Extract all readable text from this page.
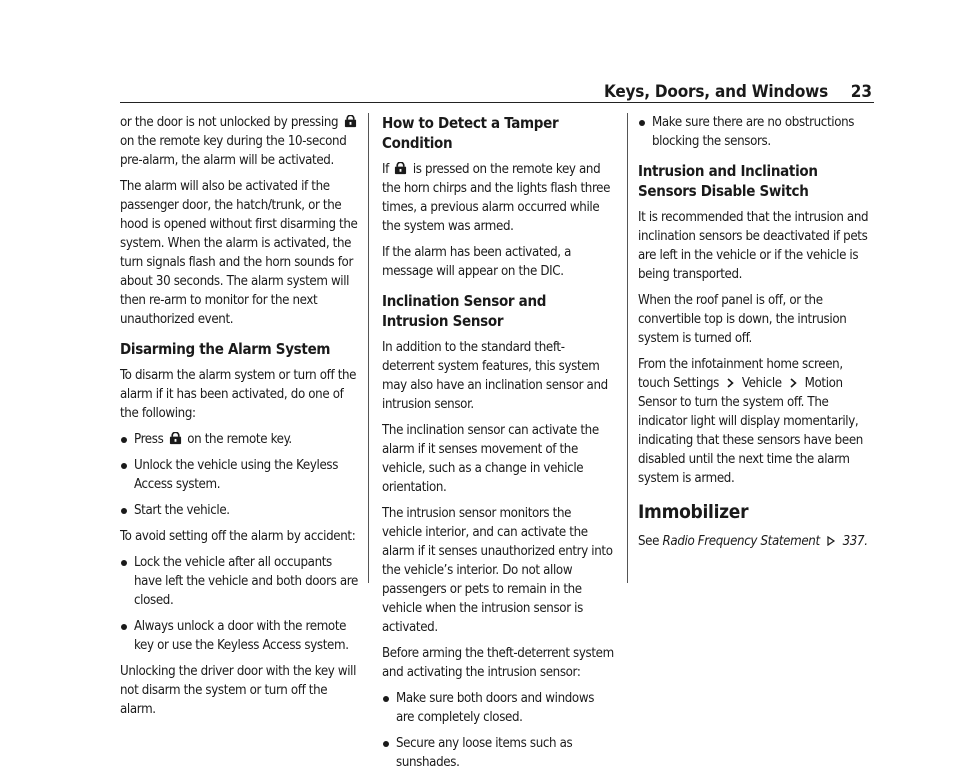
Keys, Doors, and Windows 23

or the door is not unlocked by pressing  on the remote key during the 10-second pre-alarm, the alarm will be activated.

The alarm will also be activated if the passenger door, the hatch/trunk, or the hood is opened without first disarming the system. When the alarm is activated, the turn signals flash and the horn sounds for about 30 seconds. The alarm system will then re-arm to monitor for the next unauthorized event.

Disarming the Alarm System

To disarm the alarm system or turn off the alarm if it has been activated, do one of the following:

Press on the remote key.
Unlock the vehicle using the Keyless Access system.
Start the vehicle.

To avoid setting off the alarm by accident:

Lock the vehicle after all occupants have left the vehicle and both doors are closed.
Always unlock a door with the remote key or use the Keyless Access system.

Unlocking the driver door with the key will not disarm the system or turn off the alarm.

How to Detect a Tamper Condition

If is pressed on the remote key and the horn chirps and the lights flash three times, a previous alarm occurred while the system was armed.

If the alarm has been activated, a message will appear on the DIC.

Inclination Sensor and Intrusion Sensor

In addition to the standard theft-deterrent system features, this system may also have an inclination sensor and intrusion sensor.

The inclination sensor can activate the alarm if it senses movement of the vehicle, such as a change in vehicle orientation.

The intrusion sensor monitors the vehicle interior, and can activate the alarm if it senses unauthorized entry into the vehicle’s interior. Do not allow passengers or pets to remain in the vehicle when the intrusion sensor is activated.

Before arming the theft-deterrent system and activating the intrusion sensor:

Make sure both doors and windows are completely closed.
Secure any loose items such as sunshades.
Make sure there are no obstructions blocking the sensors.
Intrusion and Inclination Sensors Disable Switch

It is recommended that the intrusion and inclination sensors be deactivated if pets are left in the vehicle or if the vehicle is being transported.

When the roof panel is off, or the convertible top is down, the intrusion system is turned off.

From the infotainment home screen, touch Settings Vehicle Motion Sensor to turn the system off. The indicator light will display momentarily, indicating that these sensors have been disabled until the next time the alarm system is armed.

Immobilizer

See Radio Frequency Statement 337.
